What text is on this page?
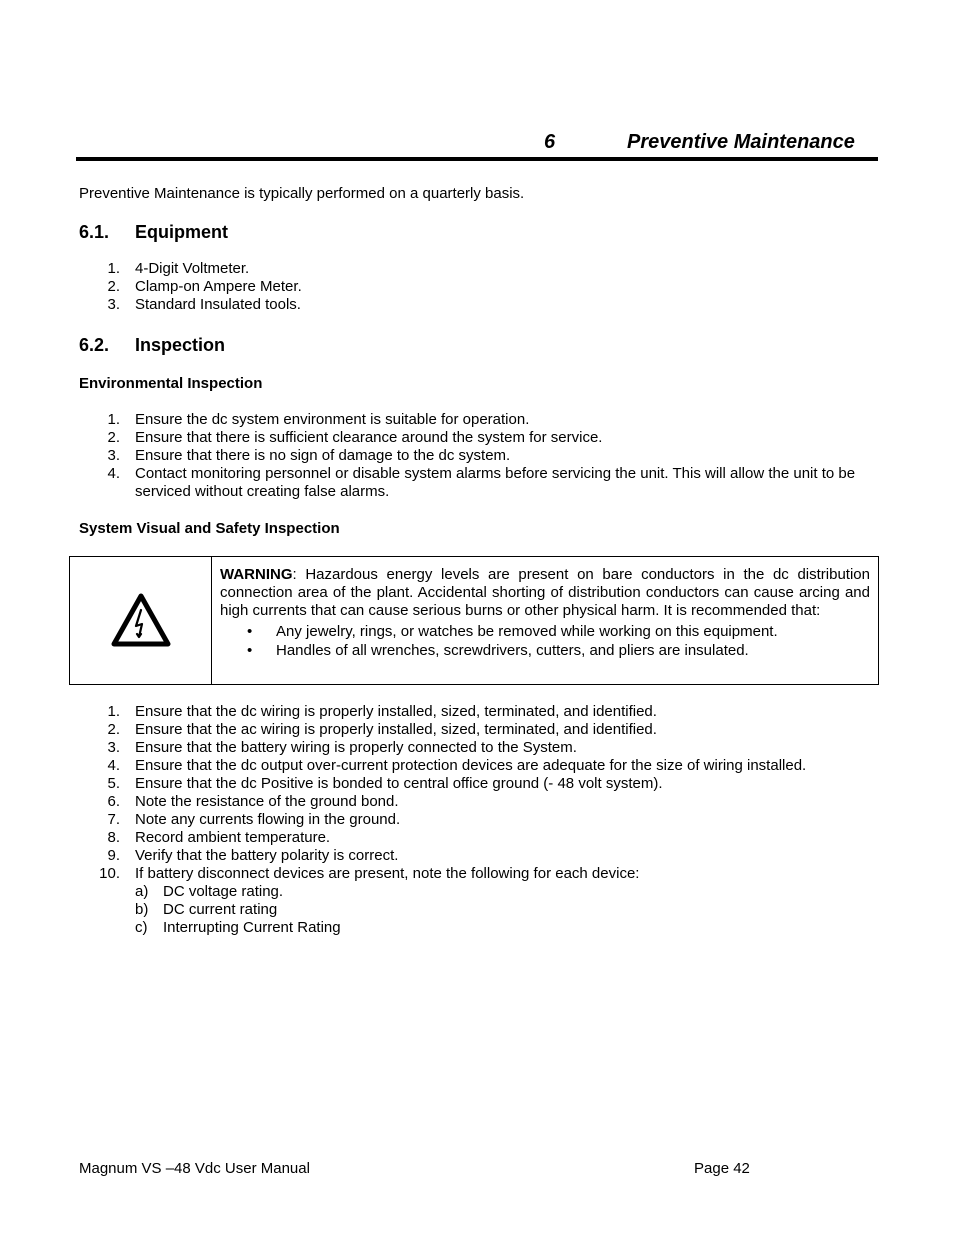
6	Preventive Maintenance
Preventive Maintenance is typically performed on a quarterly basis.
6.1. Equipment
1. 4-Digit Voltmeter.
2. Clamp-on Ampere Meter.
3. Standard Insulated tools.
6.2. Inspection
Environmental Inspection
1. Ensure the dc system environment is suitable for operation.
2. Ensure that there is sufficient clearance around the system for service.
3. Ensure that there is no sign of damage to the dc system.
4. Contact monitoring personnel or disable system alarms before servicing the unit. This will allow the unit to be serviced without creating false alarms.
System Visual and Safety Inspection
WARNING: Hazardous energy levels are present on bare conductors in the dc distribution connection area of the plant. Accidental shorting of distribution conductors can cause arcing and high currents that can cause serious burns or other physical harm. It is recommended that:
• Any jewelry, rings, or watches be removed while working on this equipment.
• Handles of all wrenches, screwdrivers, cutters, and pliers are insulated.
1. Ensure that the dc wiring is properly installed, sized, terminated, and identified.
2. Ensure that the ac wiring is properly installed, sized, terminated, and identified.
3. Ensure that the battery wiring is properly connected to the System.
4. Ensure that the dc output over-current protection devices are adequate for the size of wiring installed.
5. Ensure that the dc Positive is bonded to central office ground (- 48 volt system).
6. Note the resistance of the ground bond.
7. Note any currents flowing in the ground.
8. Record ambient temperature.
9. Verify that the battery polarity is correct.
10. If battery disconnect devices are present, note the following for each device:
a) DC voltage rating.
b) DC current rating
c) Interrupting Current Rating
Magnum VS –48 Vdc User Manual	Page 42
